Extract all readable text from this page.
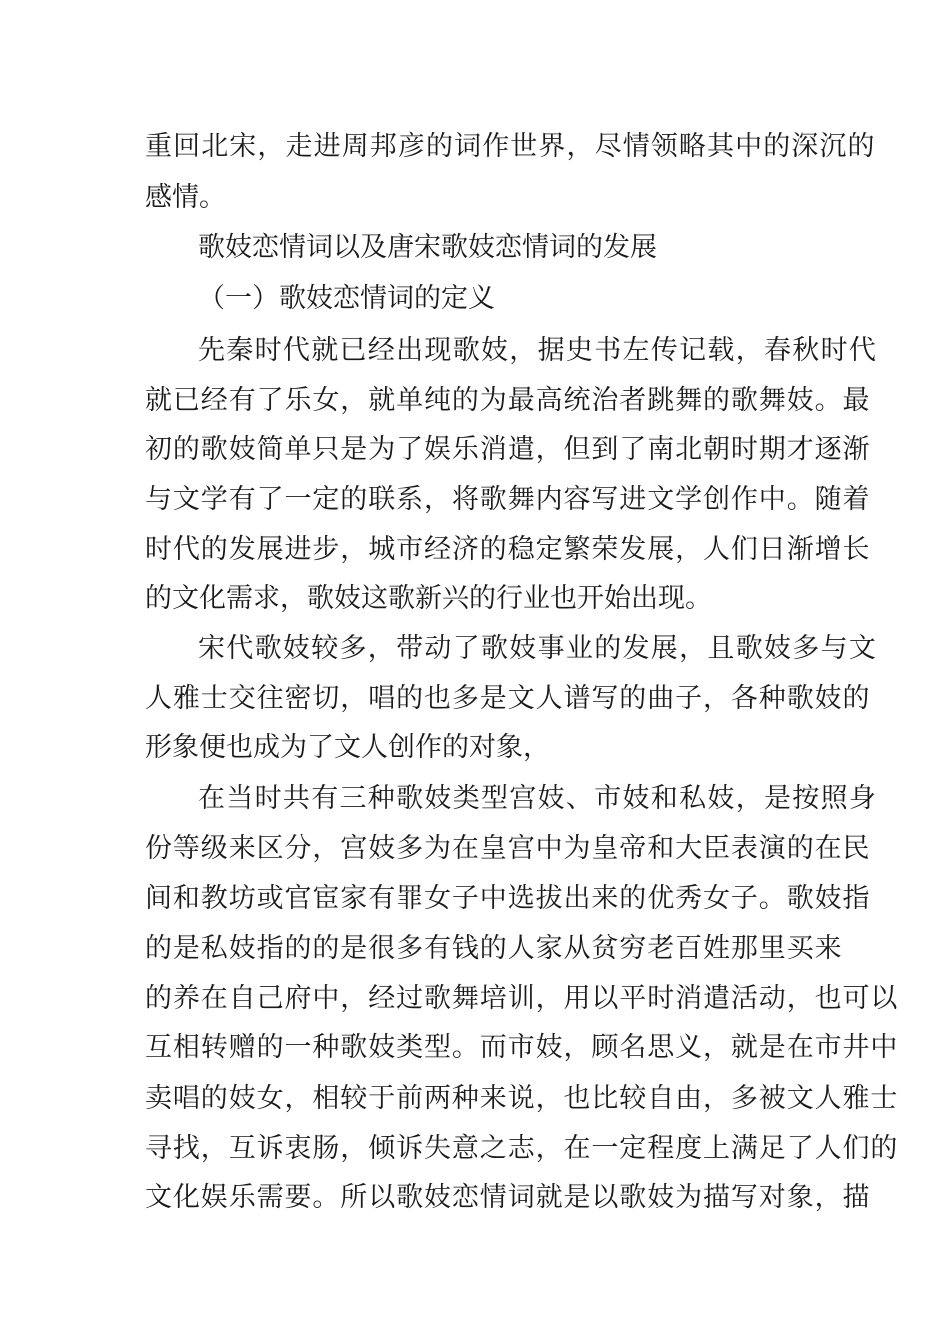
重回北宋，走进周邦彦的词作世界，尽情领略其中的深沉的
感情。
歌妓恋情词以及唐宋歌妓恋情词的发展
（一）歌妓恋情词的定义
先秦时代就已经出现歌妓，据史书左传记载，春秋时代
就已经有了乐女，就单纯的为最高统治者跳舞的歌舞妓。最
初的歌妓简单只是为了娱乐消遣，但到了南北朝时期才逐渐
与文学有了一定的联系，将歌舞内容写进文学创作中。随着
时代的发展进步，城市经济的稳定繁荣发展，人们日渐增长
的文化需求，歌妓这歌新兴的行业也开始出现。
宋代歌妓较多，带动了歌妓事业的发展，且歌妓多与文
人雅士交往密切，唱的也多是文人谱写的曲子，各种歌妓的
形象便也成为了文人创作的对象，
在当时共有三种歌妓类型宫妓、市妓和私妓，是按照身
份等级来区分，宫妓多为在皇宫中为皇帝和大臣表演的在民
间和教坊或官宦家有罪女子中选拔出来的优秀女子。歌妓指
的是私妓指的的是很多有钱的人家从贫穷老百姓那里买来
的养在自己府中，经过歌舞培训，用以平时消遣活动，也可以
互相转赠的一种歌妓类型。而市妓，顾名思义，就是在市井中
卖唱的妓女，相较于前两种来说，也比较自由，多被文人雅士
寻找，互诉衷肠，倾诉失意之志，在一定程度上满足了人们的
文化娱乐需要。所以歌妓恋情词就是以歌妓为描写对象，描
